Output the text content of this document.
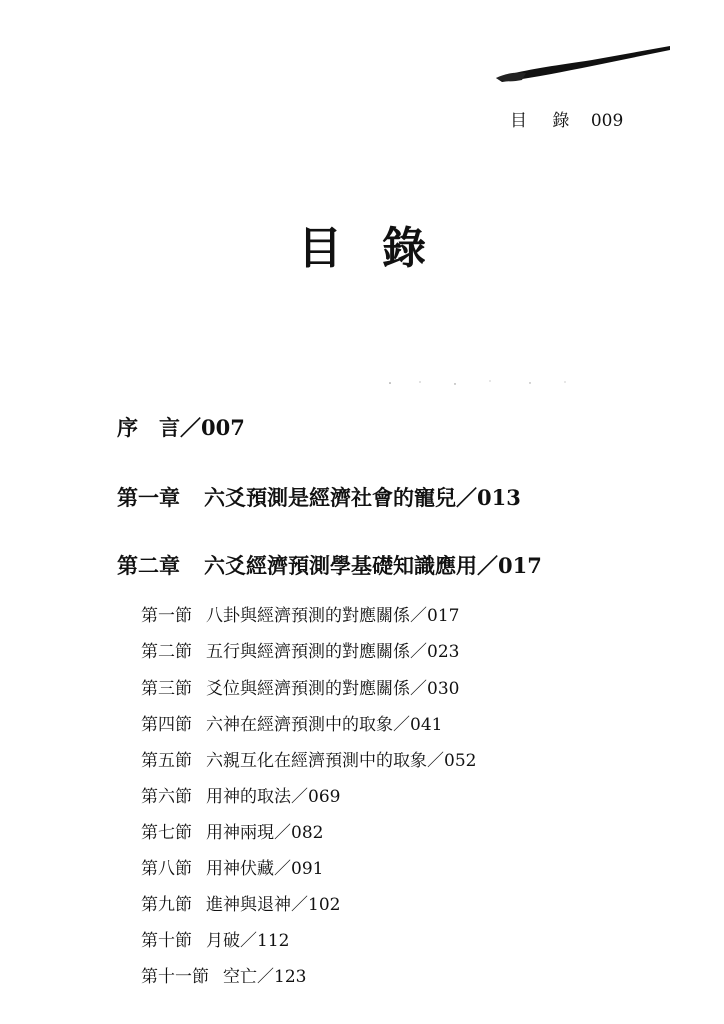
目 錄 009
目錄
序　言／007
第一章 六爻預測是經濟社會的寵兒／013
第二章 六爻經濟預測學基礎知識應用／017
第一節 八卦與經濟預測的對應關係／017
第二節 五行與經濟預測的對應關係／023
第三節 爻位與經濟預測的對應關係／030
第四節 六神在經濟預測中的取象／041
第五節 六親互化在經濟預測中的取象／052
第六節 用神的取法／069
第七節 用神兩現／082
第八節 用神伏藏／091
第九節 進神與退神／102
第十節 月破／112
第十一節 空亡／123
